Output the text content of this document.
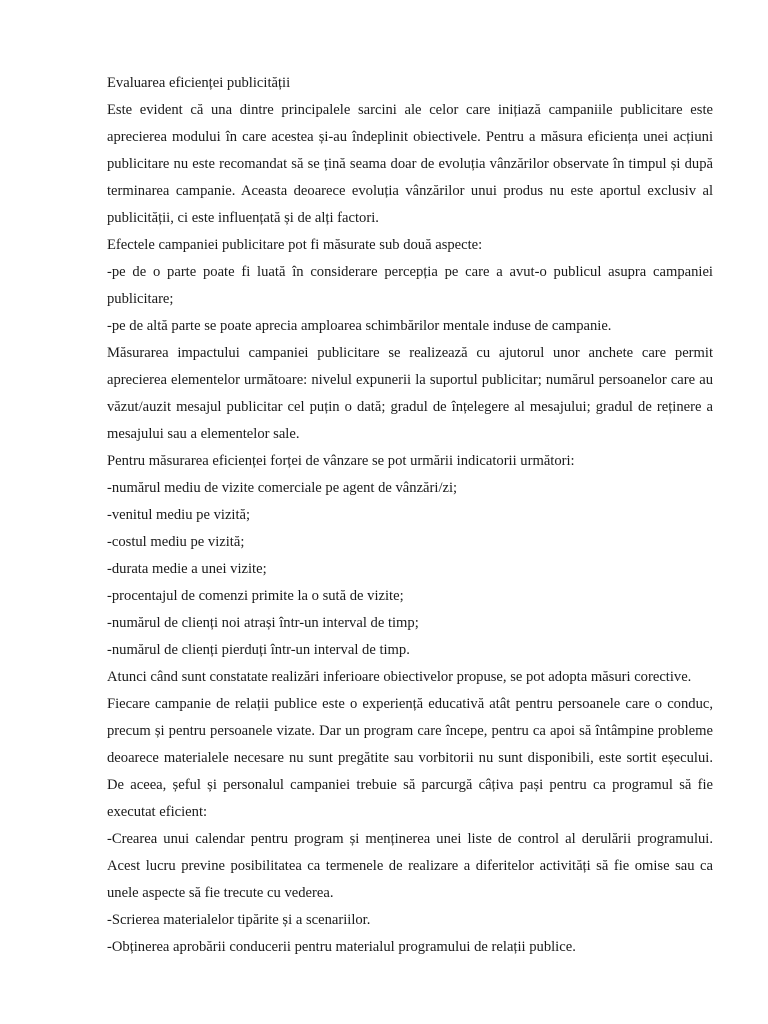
Evaluarea eficienței publicității

Este evident că una dintre principalele sarcini ale celor care inițiază campaniile publicitare este aprecierea modului în care acestea și-au îndeplinit obiectivele. Pentru a măsura eficiența unei acțiuni publicitare nu este recomandat să se țină seama doar de evoluția vânzărilor observate în timpul și după terminarea campanie. Aceasta deoarece evoluția vânzărilor unui produs nu este aportul exclusiv al publicității, ci este influențată și de alți factori.

Efectele campaniei publicitare pot fi măsurate sub două aspecte:

-pe de o parte poate fi luată în considerare percepția pe care a avut-o publicul asupra campaniei publicitare;

-pe de altă parte se poate aprecia amploarea schimbărilor mentale induse de campanie.

Măsurarea impactului campaniei publicitare se realizează cu ajutorul unor anchete care permit aprecierea elementelor următoare: nivelul expunerii la suportul publicitar; numărul persoanelor care au văzut/auzit mesajul publicitar cel puțin o dată; gradul de înțelegere al mesajului; gradul de reținere a mesajului sau a elementelor sale.

Pentru măsurarea eficienței forței de vânzare se pot urmării indicatorii următori:

-numărul mediu de vizite comerciale pe agent de vânzări/zi;

-venitul mediu pe vizită;

-costul mediu pe vizită;

-durata medie a unei vizite;

-procentajul de comenzi primite la o sută de vizite;

-numărul de clienți noi atrași într-un interval de timp;

-numărul de clienți pierduți într-un interval de timp.

Atunci când sunt constatate realizări inferioare obiectivelor propuse, se pot adopta măsuri corective.

Fiecare campanie de relații publice este o experiență educativă atât pentru persoanele care o conduc, precum și pentru persoanele vizate. Dar un program care începe, pentru ca apoi să întâmpine probleme deoarece materialele necesare nu sunt pregătite sau vorbitorii nu sunt disponibili, este sortit eșecului. De aceea, șeful și personalul campaniei trebuie să parcurgă câțiva pași pentru ca programul să fie executat eficient:

-Crearea unui calendar pentru program și menținerea unei liste de control al derulării programului. Acest lucru previne posibilitatea ca termenele de realizare a diferitelor activități să fie omise sau ca unele aspecte să fie trecute cu vederea.

-Scrierea materialelor tipărite și a scenariilor.

-Obținerea aprobării conducerii pentru materialul programului de relații publice.
